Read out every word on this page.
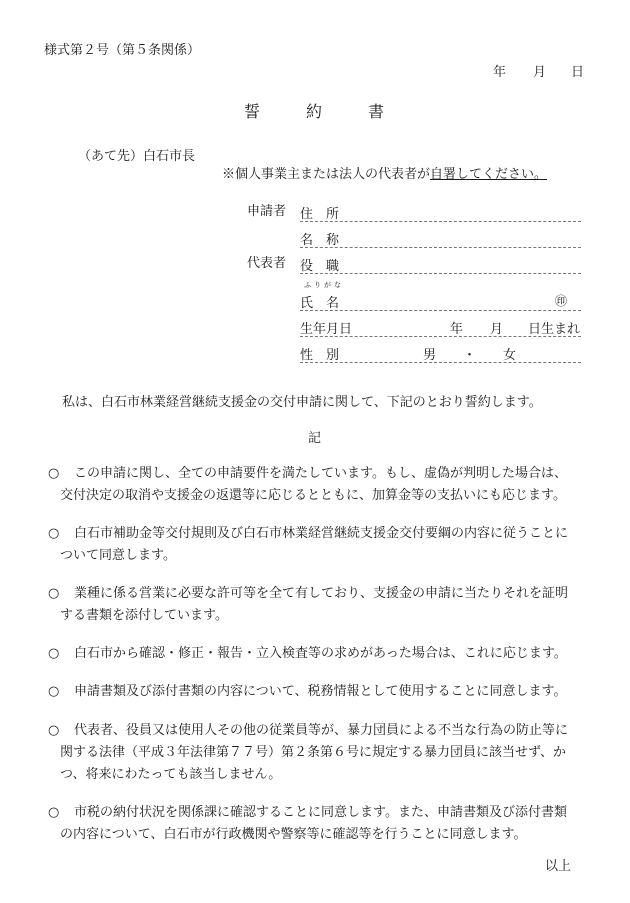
様式第２号（第５条関係）
年	月	日
誓	約	書
（あて先）白石市長
※個人事業主または法人の代表者が自署してください。
申請者 住 所
名 称
代表者 役 職
ふりがな
氏 名	㊞
生年月日	年 月 日生まれ
性 別	男 ・ 女
私は、白石市林業経営継続支援金の交付申請に関して、下記のとおり誓約します。
記
○	この申請に関し、全ての申請要件を満たしています。もし、虚偽が判明した場合は、
交付決定の取消や支援金の返還等に応じるとともに、加算金等の支払いにも応じます。
○	白石市補助金等交付規則及び白石市林業経営継続支援金交付要綱の内容に従うことに
ついて同意します。
○	業種に係る営業に必要な許可等を全て有しており、支援金の申請に当たりそれを証明
する書類を添付しています。
○	白石市から確認・修正・報告・立入検査等の求めがあった場合は、これに応じます。
○	申請書類及び添付書類の内容について、税務情報として使用することに同意します。
○	代表者、役員又は使用人その他の従業員等が、暴力団員による不当な行為の防止等に
関する法律（平成３年法律第７７号）第２条第６号に規定する暴力団員に該当せず、か
つ、将来にわたっても該当しません。
○	市税の納付状況を関係課に確認することに同意します。また、申請書類及び添付書類
の内容について、白石市が行政機関や警察等に確認等を行うことに同意します。
以上
